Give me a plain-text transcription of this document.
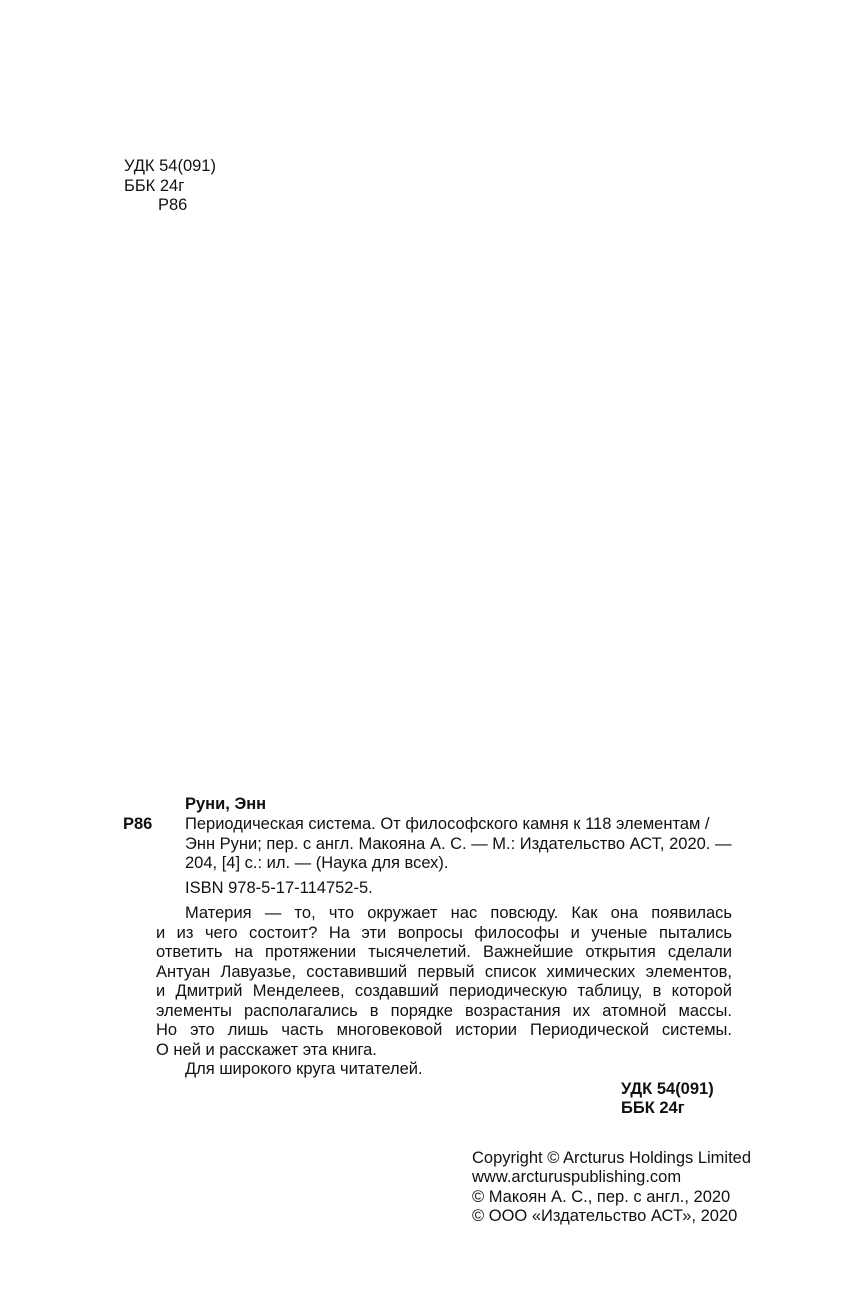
УДК 54(091)
ББК 24г
Р86
Руни, Энн
Р86 Периодическая система. От философского камня к 118 элементам /
Энн Руни; пер. с англ. Макояна А. С. — М.: Издательство АСТ, 2020. —
204, [4] с.: ил. — (Наука для всех).
ISBN 978-5-17-114752-5.
Материя — то, что окружает нас повсюду. Как она появилась
и из чего состоит? На эти вопросы философы и ученые пытались
ответить на протяжении тысячелетий. Важнейшие открытия сделали
Антуан Лавуазье, составивший первый список химических элементов,
и Дмитрий Менделеев, создавший периодическую таблицу, в которой
элементы располагались в порядке возрастания их атомной массы.
Но это лишь часть многовековой истории Периодической системы.
О ней и расскажет эта книга.
Для широкого круга читателей.
УДК 54(091)
ББК 24г
Copyright © Arcturus Holdings Limited
www.arcturuspublishing.com
© Макоян А. С., пер. с англ., 2020
© ООО «Издательство АСТ», 2020
